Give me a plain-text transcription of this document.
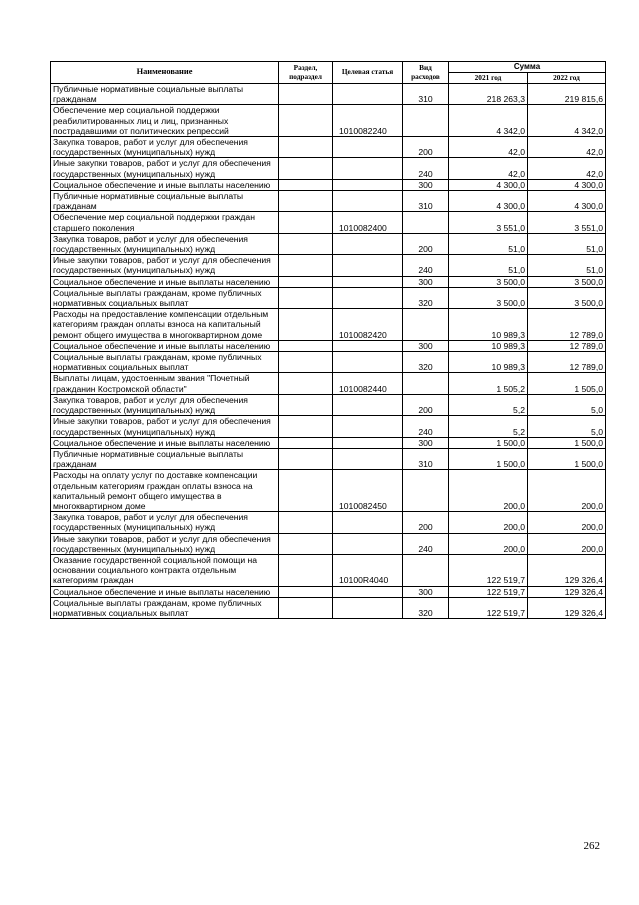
Наименование	Раздел, подраздел	Целевая статья	Вид расходов	Сумма	
				2021 год	2022 год
Публичные нормативные социальные выплаты гражданам			310	218 263,3	219 815,6
Обеспечение мер социальной поддержки реабилитированных лиц и лиц, признанных пострадавшими от политических репрессий		1010082240		4 342,0	4 342,0
Закупка товаров, работ и услуг для обеспечения государственных (муниципальных) нужд			200	42,0	42,0
Иные закупки товаров, работ и услуг для обеспечения государственных (муниципальных) нужд			240	42,0	42,0
Социальное обеспечение и иные выплаты населению			300	4 300,0	4 300,0
Публичные нормативные социальные выплаты гражданам			310	4 300,0	4 300,0
Обеспечение мер социальной поддержки граждан старшего поколения		1010082400		3 551,0	3 551,0
Закупка товаров, работ и услуг для обеспечения государственных (муниципальных) нужд			200	51,0	51,0
Иные закупки товаров, работ и услуг для обеспечения государственных (муниципальных) нужд			240	51,0	51,0
Социальное обеспечение и иные выплаты населению			300	3 500,0	3 500,0
Социальные выплаты гражданам, кроме публичных нормативных социальных выплат			320	3 500,0	3 500,0
Расходы на предоставление компенсации отдельным категориям граждан оплаты взноса на капитальный ремонт общего имущества в многоквартирном доме		1010082420		10 989,3	12 789,0
Социальное обеспечение и иные выплаты населению			300	10 989,3	12 789,0
Социальные выплаты гражданам, кроме публичных нормативных социальных выплат			320	10 989,3	12 789,0
Выплаты лицам, удостоенным звания "Почетный гражданин Костромской области"		1010082440		1 505,2	1 505,0
Закупка товаров, работ и услуг для обеспечения государственных (муниципальных) нужд			200	5,2	5,0
Иные закупки товаров, работ и услуг для обеспечения государственных (муниципальных) нужд			240	5,2	5,0
Социальное обеспечение и иные выплаты населению			300	1 500,0	1 500,0
Публичные нормативные социальные выплаты гражданам			310	1 500,0	1 500,0
Расходы на оплату услуг по доставке компенсации отдельным категориям граждан оплаты взноса на капитальный ремонт общего имущества в многоквартирном доме		1010082450		200,0	200,0
Закупка товаров, работ и услуг для обеспечения государственных (муниципальных) нужд			200	200,0	200,0
Иные закупки товаров, работ и услуг для обеспечения государственных (муниципальных) нужд			240	200,0	200,0
Оказание государственной социальной помощи на основании социального контракта отдельным категориям граждан		10100R4040		122 519,7	129 326,4
Социальное обеспечение и иные выплаты населению			300	122 519,7	129 326,4
Социальные выплаты гражданам, кроме публичных нормативных социальных выплат			320	122 519,7	129 326,4
262
